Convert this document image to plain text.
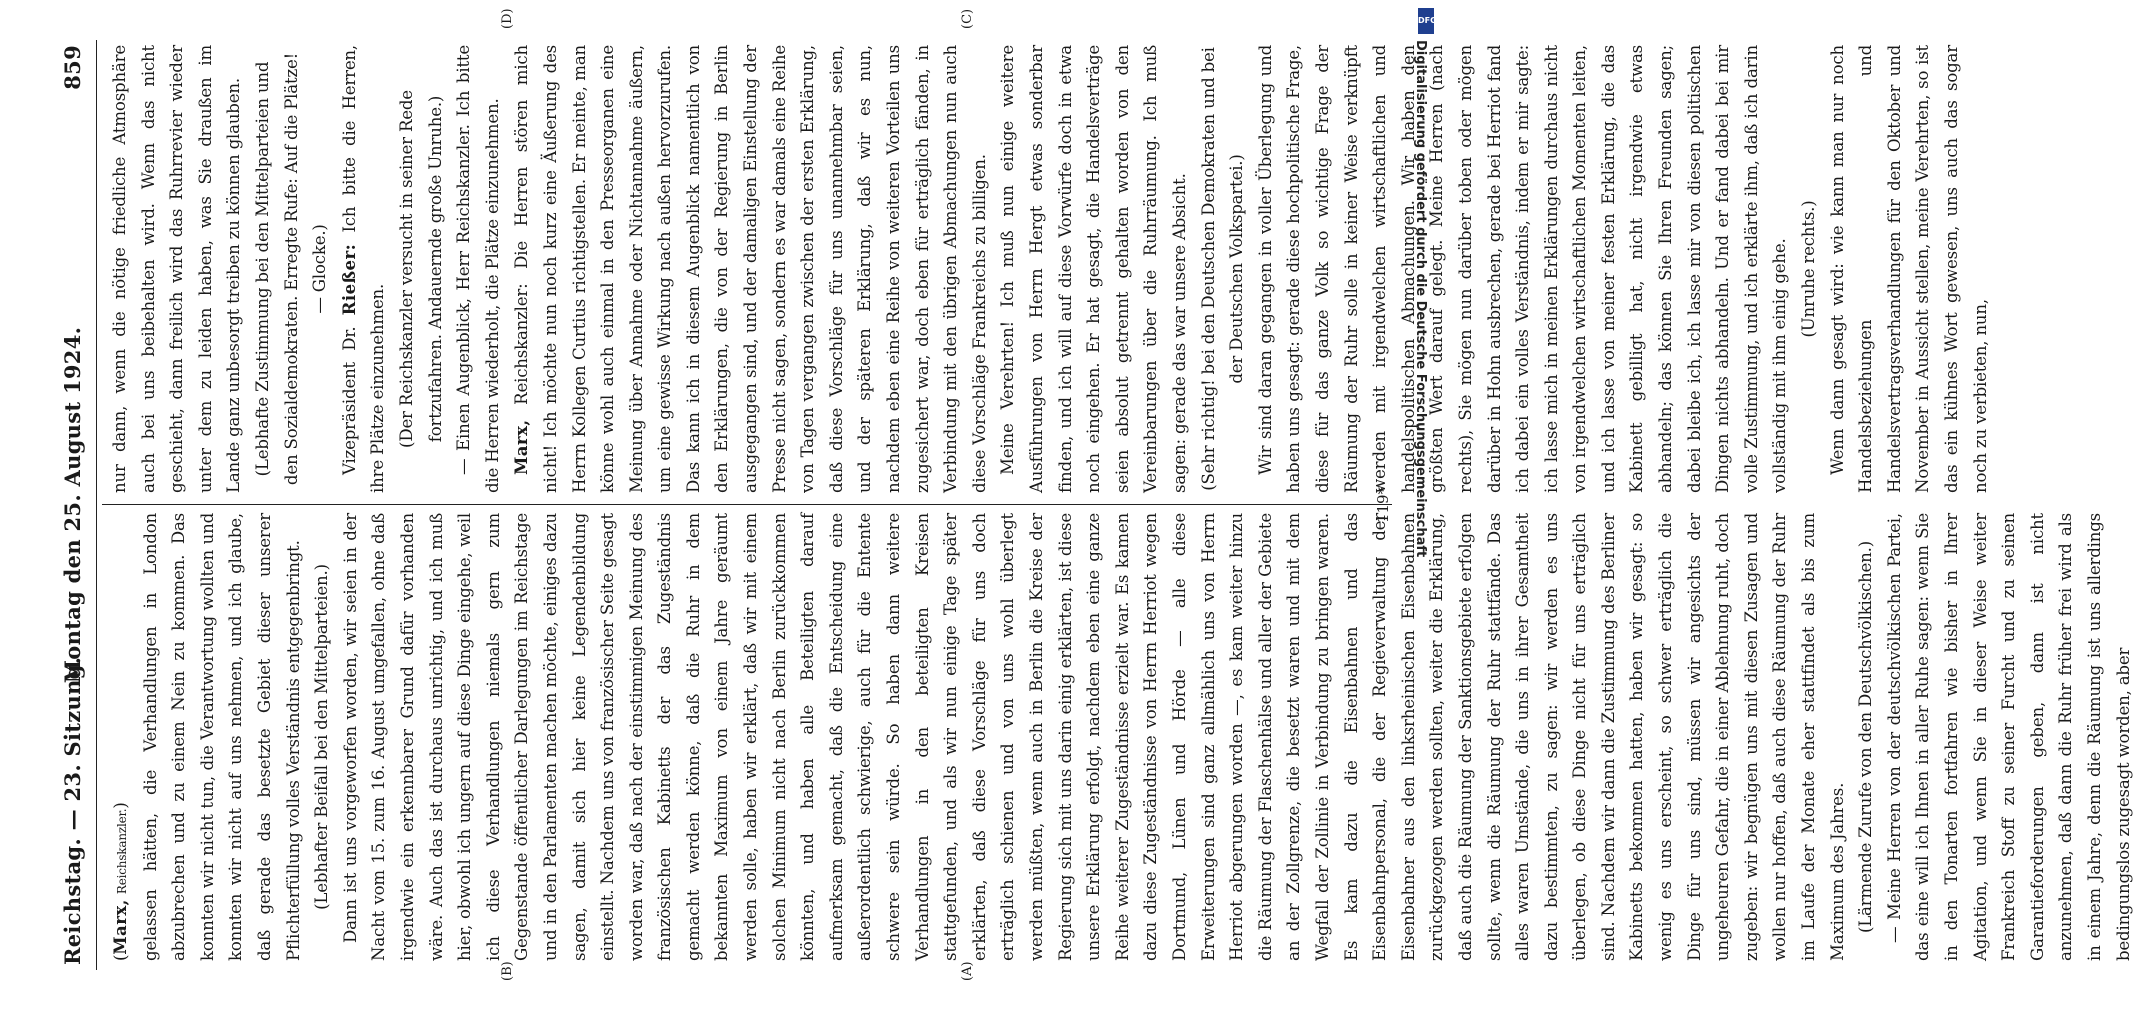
Reichstag. — 23. Sitzung.
Montag den 25. August 1924.
859
(A)
(B)
(C)
(D)

(Marx, Reichskanzler.) gelassen hätten, die Verhandlungen in London abzubrechen und zu einem Nein zu kommen. Das konnten wir nicht tun, die Verantwortung wollten und konnten wir nicht auf uns nehmen, und ich glaube, daß gerade das besetzte Gebiet dieser unserer Pflichterfüllung volles Verständnis entgegenbringt. (Lebhafter Beifall bei den Mittelparteien.) Dann ist uns vorgeworfen worden, wir seien in der Nacht vom 15. zum 16. August umgefallen, ohne daß irgendwie ein erkennbarer Grund dafür vorhanden wäre. Auch das ist durchaus unrichtig, und ich muß hier, obwohl ich ungern auf diese Dinge eingehe, weil ich diese Verhandlungen niemals gern zum Gegenstande öffentlicher Darlegungen im Reichstage und in den Parlamenten machen möchte, einiges dazu sagen, damit sich hier keine Legendenbildung einstellt. Nachdem uns von französischer Seite gesagt worden war, daß nach der einstimmigen Meinung des französischen Kabinetts der das Zugeständnis gemacht werden könne, daß die Ruhr in dem bekannten Maximum von einem Jahre geräumt werden solle, haben wir erklärt, daß wir mit einem solchen Minimum nicht nach Berlin zurückkommen könnten, und haben alle Beteiligten darauf aufmerksam gemacht, daß die Entscheidung eine außerordentlich schwierige, auch für die Entente schwere sein würde. So haben dann weitere Verhandlungen in den beteiligten Kreisen stattgefunden, und als wir nun einige Tage später erklärten, daß diese Vorschläge für uns doch erträglich schienen und von uns wohl überlegt werden müßten, wenn auch in Berlin die Kreise der Regierung sich mit uns darin einig erklärten, ist diese unsere Erklärung erfolgt, nachdem eben eine ganze Reihe weiterer Zugeständnisse erzielt war. Es kamen dazu diese Zugeständnisse von Herrn Herriot wegen Dortmund, Lünen und Hörde — alle diese Erweiterungen sind ganz allmählich uns von Herrn Herriot abgerungen worden —, es kam weiter hinzu die Räumung der Flaschenhälse und aller der Gebiete an der Zollgrenze, die besetzt waren und mit dem Wegfall der Zollinie in Verbindung zu bringen waren. Es kam dazu die Eisenbahnen und das Eisenbahnpersonal, die der Regieverwaltung der Eisenbahner aus den linksrheinischen Eisenbahnen zurückgezogen werden sollten, weiter die Erklärung, daß auch die Räumung der Sanktionsgebiete erfolgen sollte, wenn die Räumung der Ruhr stattfände. Das alles waren Umstände, die uns in ihrer Gesamtheit dazu bestimmten, zu sagen: wir werden es uns überlegen, ob diese Dinge nicht für uns erträglich sind. Nachdem wir dann die Zustimmung des Berliner Kabinetts bekommen hatten, haben wir gesagt: so wenig es uns erscheint, so schwer erträglich die Dinge für uns sind, müssen wir angesichts der ungeheuren Gefahr, die in einer Ablehnung ruht, doch zugeben: wir begnügen uns mit diesen Zusagen und wollen nur hoffen, daß auch diese Räumung der Ruhr im Laufe der Monate eher stattfindet als bis zum Maximum des Jahres. (Lärmende Zurufe von den Deutschvölkischen.) — Meine Herren von der deutschvölkischen Partei, das eine will ich Ihnen in aller Ruhe sagen: wenn Sie in den Tonarten fortfahren wie bisher in Ihrer Agitation, und wenn Sie in dieser Weise weiter Frankreich Stoff zu seiner Furcht und zu seinen Garantieforderungen geben, dann ist nicht anzunehmen, daß dann die Ruhr früher frei wird als in einem Jahre, denn die Räumung ist uns allerdings bedingungslos zugesagt worden, aber

nur dann, wenn die nötige friedliche Atmosphäre auch bei uns beibehalten wird. Wenn das nicht geschieht, dann freilich wird das Ruhrrevier wieder unter dem zu leiden haben, was Sie draußen im Lande ganz unbesorgt treiben zu können glauben. (Lebhafte Zustimmung bei den Mittelparteien und den Sozialdemokraten. Erregte Rufe: Auf die Plätze! — Glocke.)

Vizepräsident Dr. Rießer: Ich bitte die Herren, ihre Plätze einzunehmen. (Der Reichskanzler versucht in seiner Rede fortzufahren. Andauernde große Unruhe.) — Einen Augenblick, Herr Reichskanzler. Ich bitte die Herren wiederholt, die Plätze einzunehmen. Marx, Reichskanzler: Die Herren stören mich nicht! Ich möchte nun noch kurz eine Äußerung des Herrn Kollegen Curtius richtigstellen. Er meinte, man könne wohl auch einmal in den Presseorganen eine Meinung über Annahme oder Nichtannahme äußern, um eine gewisse Wirkung nach außen hervorzurufen. Das kann ich in diesem Augenblick namentlich von den Erklärungen, die von der Regierung in Berlin ausgegangen sind, und der damaligen Einstellung der Presse nicht sagen, sondern es war damals eine Reihe von Tagen vergangen zwischen der ersten Erklärung, daß diese Vorschläge für uns unannehmbar seien, und der späteren Erklärung, daß wir es nun, nachdem eben eine Reihe von weiteren Vorteilen uns zugesichert war, doch eben für erträglich fänden, in Verbindung mit den übrigen Abmachungen nun auch diese Vorschläge Frankreichs zu billigen. Meine Verehrten! Ich muß nun einige weitere Ausführungen von Herrn Hergt etwas sonderbar finden, und ich will auf diese Vorwürfe doch in etwa noch eingehen. Er hat gesagt, die Handelsverträge seien absolut getrennt gehalten worden von den Vereinbarungen über die Ruhrräumung. Ich muß sagen: gerade das war unsere Absicht. (Sehr richtig! bei den Deutschen Demokraten und bei der Deutschen Volkspartei.) Wir sind daran gegangen in voller Überlegung und haben uns gesagt: gerade diese hochpolitische Frage, diese für das ganze Volk so wichtige Frage der Räumung der Ruhr solle in keiner Weise verknüpft werden mit irgendwelchen wirtschaftlichen und handelspolitischen Abmachungen. Wir haben den größten Wert darauf gelegt. Meine Herren (nach rechts), Sie mögen nun darüber toben oder mögen darüber in Hohn ausbrechen, gerade bei Herriot fand ich dabei ein volles Verständnis, indem er mir sagte: ich lasse mich in meinen Erklärungen durchaus nicht von irgendwelchen wirtschaftlichen Momenten leiten, und ich lasse von meiner festen Erklärung, die das Kabinett gebilligt hat, nicht irgendwie etwas abhandeln; das können Sie Ihren Freunden sagen; dabei bleibe ich, ich lasse mir von diesen politischen Dingen nichts abhandeln. Und er fand dabei bei mir volle Zustimmung, und ich erklärte ihm, daß ich darin vollständig mit ihm einig gehe. (Unruhe rechts.) Wenn dann gesagt wird: wie kann man nur noch Handelsbeziehungen und Handelsvertragsverhandlungen für den Oktober und November in Aussicht stellen, meine Verehrten, so ist das ein kühnes Wort gewesen, uns auch das sogar noch zu verbieten, nun,

119*	Digitalisierung gefördert durch die Deutsche Forschungsgemeinschaft
DFG
